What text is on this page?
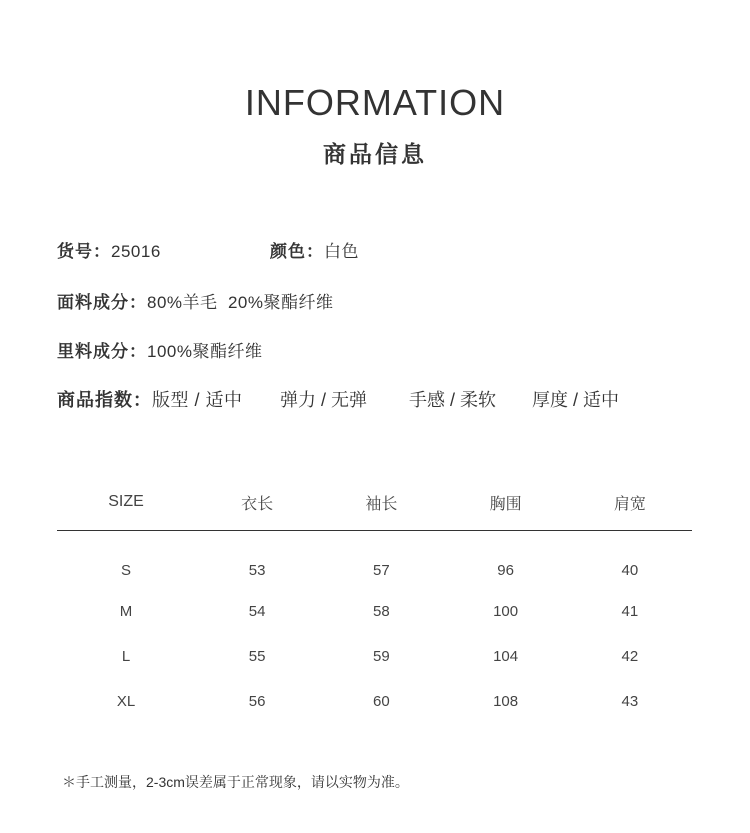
INFORMATION
商品信息
货号：25016	颜色：白色
面料成分：80%羊毛  20%聚酯纤维
里料成分：100%聚酯纤维
商品指数：版型 / 适中 弹力 / 无弹 手感 / 柔软 厚度 / 适中
SIZE	衣长	袖长	胸围	肩宽
S	53	57	96	40
M	54	58	100	41
L	55	59	104	42
XL	56	60	108	43
＊手工测量，2-3cm误差属于正常现象，请以实物为准。
